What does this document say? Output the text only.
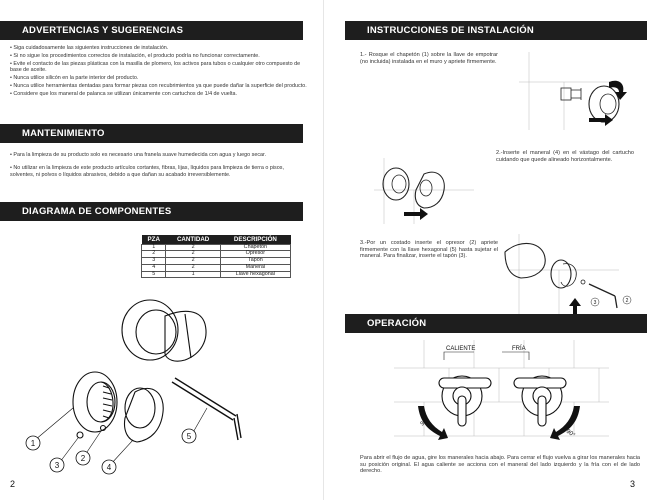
ADVERTENCIAS Y SUGERENCIAS

• Siga cuidadosamente las siguientes instrucciones de instalación.

• Si no sigue los procedimientos correctos de instalación, el producto podría no funcionar correctamente.

• Evite el contacto de las piezas plásticas con la masilla de plomero, los activos para tubos o cualquier otro compuesto de base de aceite.

• Nunca utilice silicón en la parte interior del producto.

• Nunca utilice herramientas dentadas para formar piezas con recubrimientos ya que puede dañar la superficie del producto.

• Considere que los maneral de palanca se utilizan únicamente con cartuchos de 1/4 de vuelta.

MANTENIMIENTO

• Para la limpieza de su producto solo es necesario una franela suave humedecida con agua y luego secar.

• No utilizar en la limpieza de este producto artículos cortantes, fibras, lijas, líquidos para limpieza de tierra o pisos, solventes, ni polvos o líquidos abrasivos, debido a que dañan su acabado irreversiblemente.

DIAGRAMA DE COMPONENTES
PZA	CANTIDAD	DESCRIPCIÓN
1	2	Chapetón
2	2	Opresor
3	2	Tapón
4	2	Maneral
5	1	Llave hexagonal
1
3
2
4
5
2
INSTRUCCIONES DE INSTALACIÓN
1.- Rosque el chapetón (1) sobre la llave de empotrar (no incluida) instalada en el muro y apriete firmemente.
2.-Inserte el maneral (4) en el vástago del cartucho cuidando que quede alineado horizontalmente.
3.-Por un costado inserte el opresor (2) apriete firmemente con la llave hexagonal (5) hasta sujetar el maneral. Para finalizar, inserte el tapón (3).
3	2
OPERACIÓN
CALIENTE	FRÍA
90°
90°
Para abrir el flujo de agua, gire los manerales hacia abajo. Para cerrar el flujo vuelva a girar los manerales hacia su posición original. El agua caliente se acciona con el maneral del lado izquierdo y la fría con el de lado derecho.
3
